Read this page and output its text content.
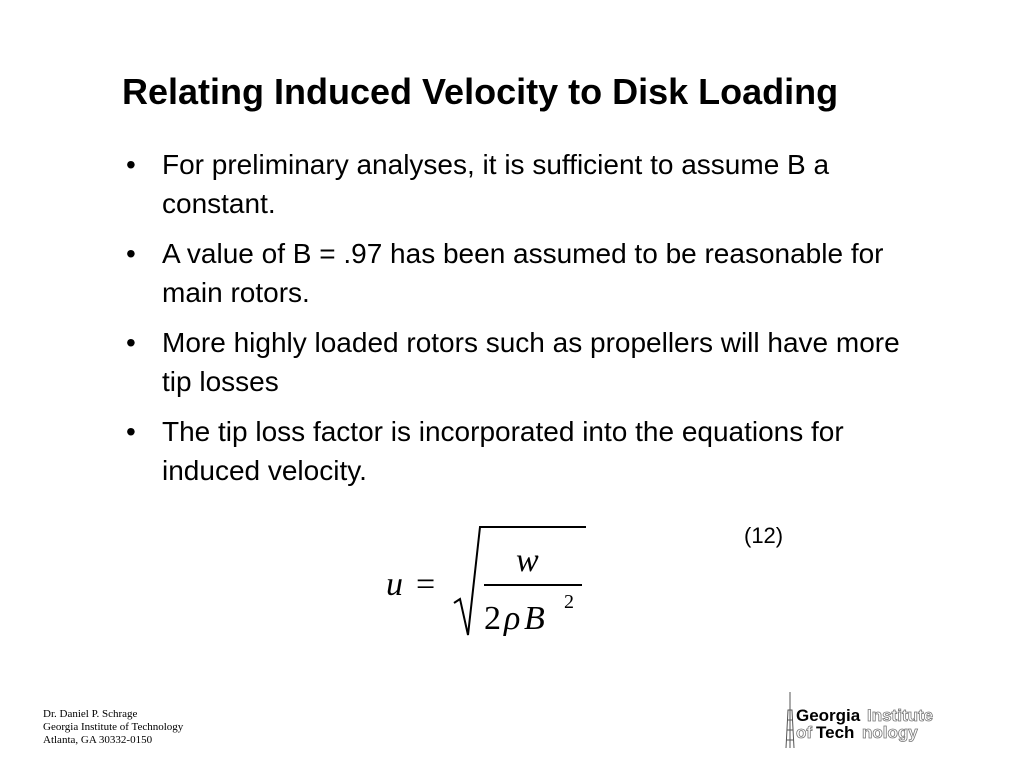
Relating Induced Velocity to Disk Loading
• For preliminary analyses, it is sufficient to assume B a constant.
• A value of B = .97 has been assumed to be reasonable for main rotors.
• More highly loaded rotors such as propellers will have more tip losses
• The tip loss factor is incorporated into the equations for induced velocity.
(12)
u =
w
2 ρ B 2
Dr. Daniel P. Schrage
Georgia Institute of Technology
Atlanta, GA 30332-0150
Georgia Institute
of Tech nology
